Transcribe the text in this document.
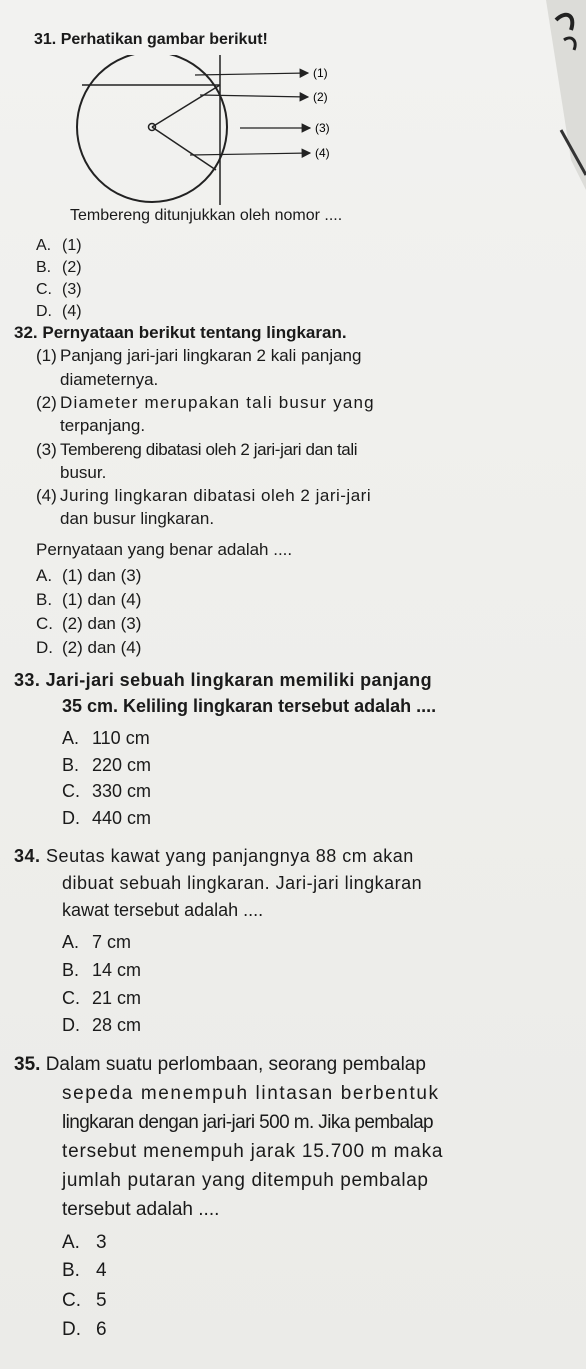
31. Perhatikan gambar berikut!
(1)
(2)
(3)
(4)
Tembereng ditunjukkan oleh nomor ....
A. (1)
B. (2)
C. (3)
D. (4)
32. Pernyataan berikut tentang lingkaran.
(1) Panjang jari-jari lingkaran 2 kali panjang
diameternya.
(2) Diameter merupakan tali busur yang
terpanjang.
(3) Tembereng dibatasi oleh 2 jari-jari dan tali
busur.
(4) Juring lingkaran dibatasi oleh 2 jari-jari
dan busur lingkaran.
Pernyataan yang benar adalah ....
A. (1) dan (3)
B. (1) dan (4)
C. (2) dan (3)
D. (2) dan (4)
33. Jari-jari sebuah lingkaran memiliki panjang
35 cm. Keliling lingkaran tersebut adalah ....
A. 110 cm
B. 220 cm
C. 330 cm
D. 440 cm
34. Seutas kawat yang panjangnya 88 cm akan
dibuat sebuah lingkaran. Jari-jari lingkaran
kawat tersebut adalah ....
A. 7 cm
B. 14 cm
C. 21 cm
D. 28 cm
35. Dalam suatu perlombaan, seorang pembalap
sepeda menempuh lintasan berbentuk
lingkaran dengan jari-jari 500 m. Jika pembalap
tersebut menempuh jarak 15.700 m maka
jumlah putaran yang ditempuh pembalap
tersebut adalah ....
A. 3
B. 4
C. 5
D. 6
